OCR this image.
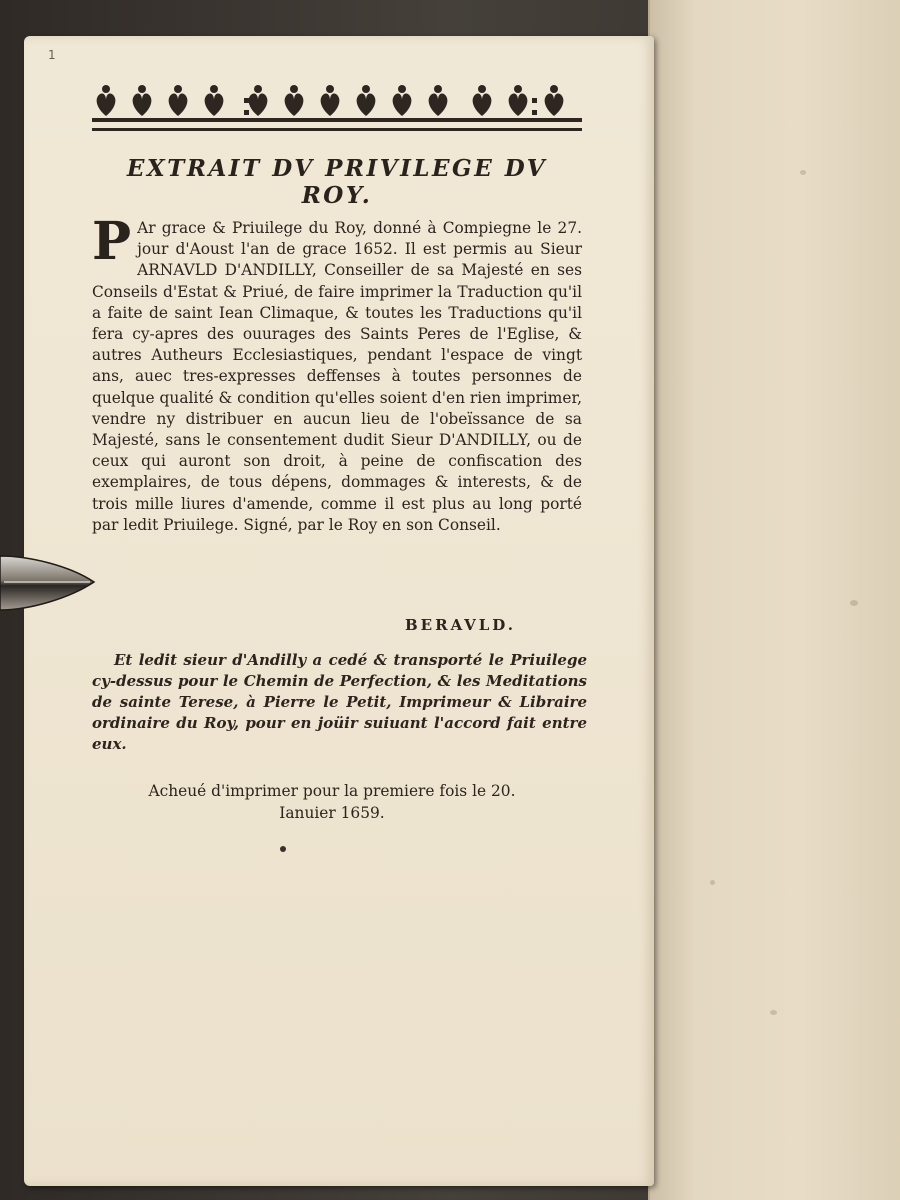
1
EXTRAIT DV PRIVILEGE DV ROY.
P Ar grace & Priuilege du Roy, donné à Compiegne le 27. jour d'Aoust l'an de grace 1652. Il est permis au Sieur ARNAVLD D'ANDILLY, Conseiller de sa Majesté en ses Conseils d'Estat & Priué, de faire imprimer la Traduction qu'il a faite de saint Iean Climaque, & toutes les Traductions qu'il fera cy-apres des ouurages des Saints Peres de l'Eglise, & autres Autheurs Ecclesiastiques, pendant l'espace de vingt ans, auec tres-expresses deffenses à toutes personnes de quelque qualité & condition qu'elles soient d'en rien imprimer, vendre ny distribuer en aucun lieu de l'obeïssance de sa Majesté, sans le consentement dudit Sieur D'ANDILLY, ou de ceux qui auront son droit, à peine de confiscation des exemplaires, de tous dépens, dommages & interests, & de trois mille liures d'amende, comme il est plus au long porté par ledit Priuilege. Signé, par le Roy en son Conseil.
BERAVLD.
Et ledit sieur d'Andilly a cedé & transporté le Priuilege cy-dessus pour le Chemin de Perfection, & les Meditations de sainte Terese, à Pierre le Petit, Imprimeur & Libraire ordinaire du Roy, pour en joüir suiuant l'accord fait entre eux.
Acheué d'imprimer pour la premiere fois le 20.
Ianuier 1659.
